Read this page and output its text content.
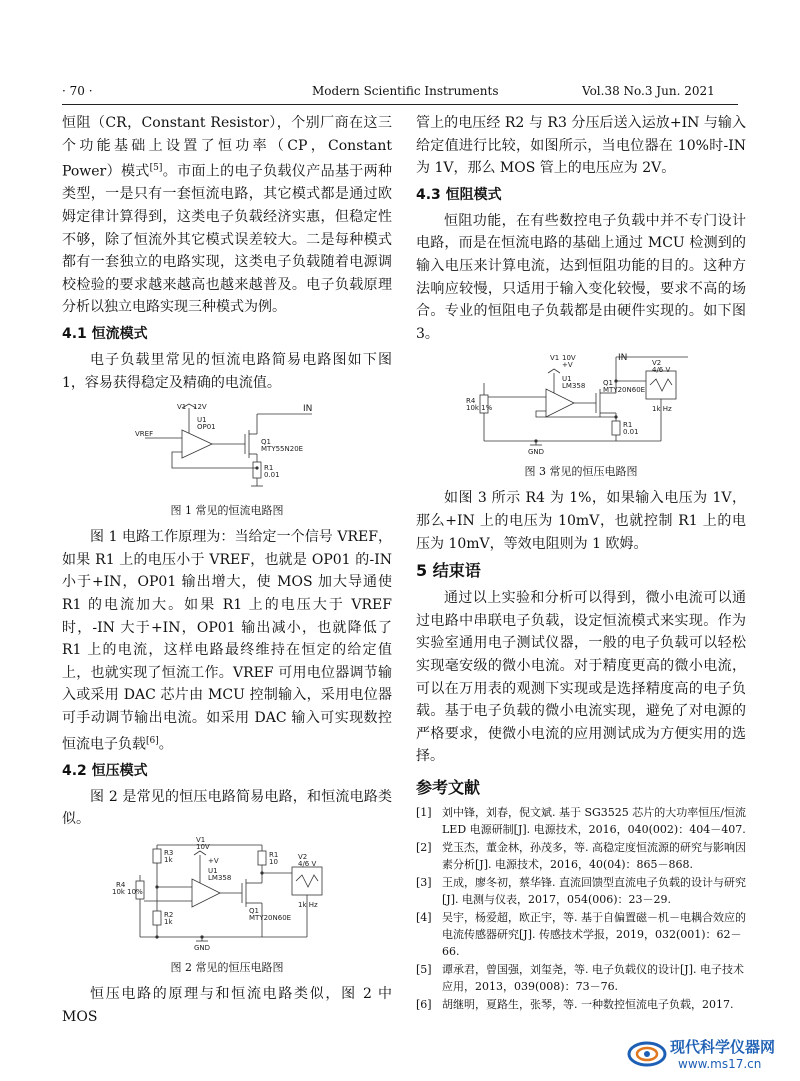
· 70 ·	Modern Scientific Instruments	Vol.38 No.3 Jun. 2021

恒阻（CR，Constant Resistor），个别厂商在这三个功能基础上设置了恒功率（CP，Constant Power）模式[5]。市面上的电子负载仪产品基于两种类型，一是只有一套恒流电路，其它模式都是通过欧姆定律计算得到，这类电子负载经济实惠，但稳定性不够，除了恒流外其它模式误差较大。二是每种模式都有一套独立的电路实现，这类电子负载随着电源调校检验的要求越来越高也越来越普及。电子负载原理分析以独立电路实现三种模式为例。

4.1 恒流模式

电子负载里常见的恒流电路简易电路图如下图1，容易获得稳定及精确的电流值。

V1 12V
U1
OP01
VREF
IN
Q1
MTY55N20E
R1
0.01
图 1 常见的恒流电路图

图 1 电路工作原理为：当给定一个信号 VREF，如果 R1 上的电压小于 VREF，也就是 OP01 的-IN 小于+IN，OP01 输出增大，使 MOS 加大导通使 R1 的电流加大。如果 R1 上的电压大于 VREF 时，-IN 大于+IN，OP01 输出减小，也就降低了 R1 上的电流，这样电路最终维持在恒定的给定值上，也就实现了恒流工作。VREF 可用电位器调节输入或采用 DAC 芯片由 MCU 控制输入，采用电位器可手动调节输出电流。如采用 DAC 输入可实现数控恒流电子负载[6]。

4.2 恒压模式

图 2 是常见的恒压电路简易电路，和恒流电路类似。

R3
1k
V1
10V
+V
R1
10
V2
4/6 V
U1
LM358
R4
10k 10%
Q1
MTY20N60E
R2
1k
1k Hz
GND
图 2 常见的恒压电路图

恒压电路的原理与和恒流电路类似，图 2 中 MOS

管上的电压经 R2 与 R3 分压后送入运放+IN 与输入给定值进行比较，如图所示，当电位器在 10%时-IN 为 1V，那么 MOS 管上的电压应为 2V。

4.3 恒阻模式

恒阻功能，在有些数控电子负载中并不专门设计电路，而是在恒流电路的基础上通过 MCU 检测到的输入电压来计算电流，达到恒阻功能的目的。这种方法响应较慢，只适用于输入变化较慢，要求不高的场合。专业的恒阻电子负载都是由硬件实现的。如下图 3。

IN
V1 10V
+V
U1
LM358
V2
4/6 V
R4
10k 1%
Q1
MTY20N60E
R1
0.01
1k Hz
GND
图 3 常见的恒压电路图

如图 3 所示 R4 为 1%，如果输入电压为 1V，那么+IN 上的电压为 10mV，也就控制 R1 上的电压为 10mV，等效电阻则为 1 欧姆。

5 结束语

通过以上实验和分析可以得到，微小电流可以通过电路中串联电子负载，设定恒流模式来实现。作为实验室通用电子测试仪器，一般的电子负载可以轻松实现毫安级的微小电流。对于精度更高的微小电流，可以在万用表的观测下实现或是选择精度高的电子负载。基于电子负载的微小电流实现，避免了对电源的严格要求，使微小电流的应用测试成为方便实用的选择。

参考文献
[1] 刘中锋，刘春，倪文斌. 基于 SG3525 芯片的大功率恒压/恒流 LED 电源研制[J]. 电源技术，2016，040(002)：404－407.
[2] 党玉杰，董金林，孙茂多，等. 高稳定度恒流源的研究与影响因素分析[J]. 电源技术，2016，40(04)：865－868.
[3] 王成，廖冬初，蔡华锋. 直流回馈型直流电子负载的设计与研究[J]. 电测与仪表，2017，054(006)：23－29.
[4] 吴宇，杨爱超，欧正宇，等. 基于自偏置磁－机－电耦合效应的电流传感器研究[J]. 传感技术学报，2019，032(001)：62－66.
[5] 谭承君，曾国强，刘玺尧，等. 电子负载仪的设计[J]. 电子技术应用，2013，039(008)：73－76.
[6] 胡继明，夏路生，张琴，等. 一种数控恒流电子负载，2017.
现代科学仪器网
www.ms17.cn
